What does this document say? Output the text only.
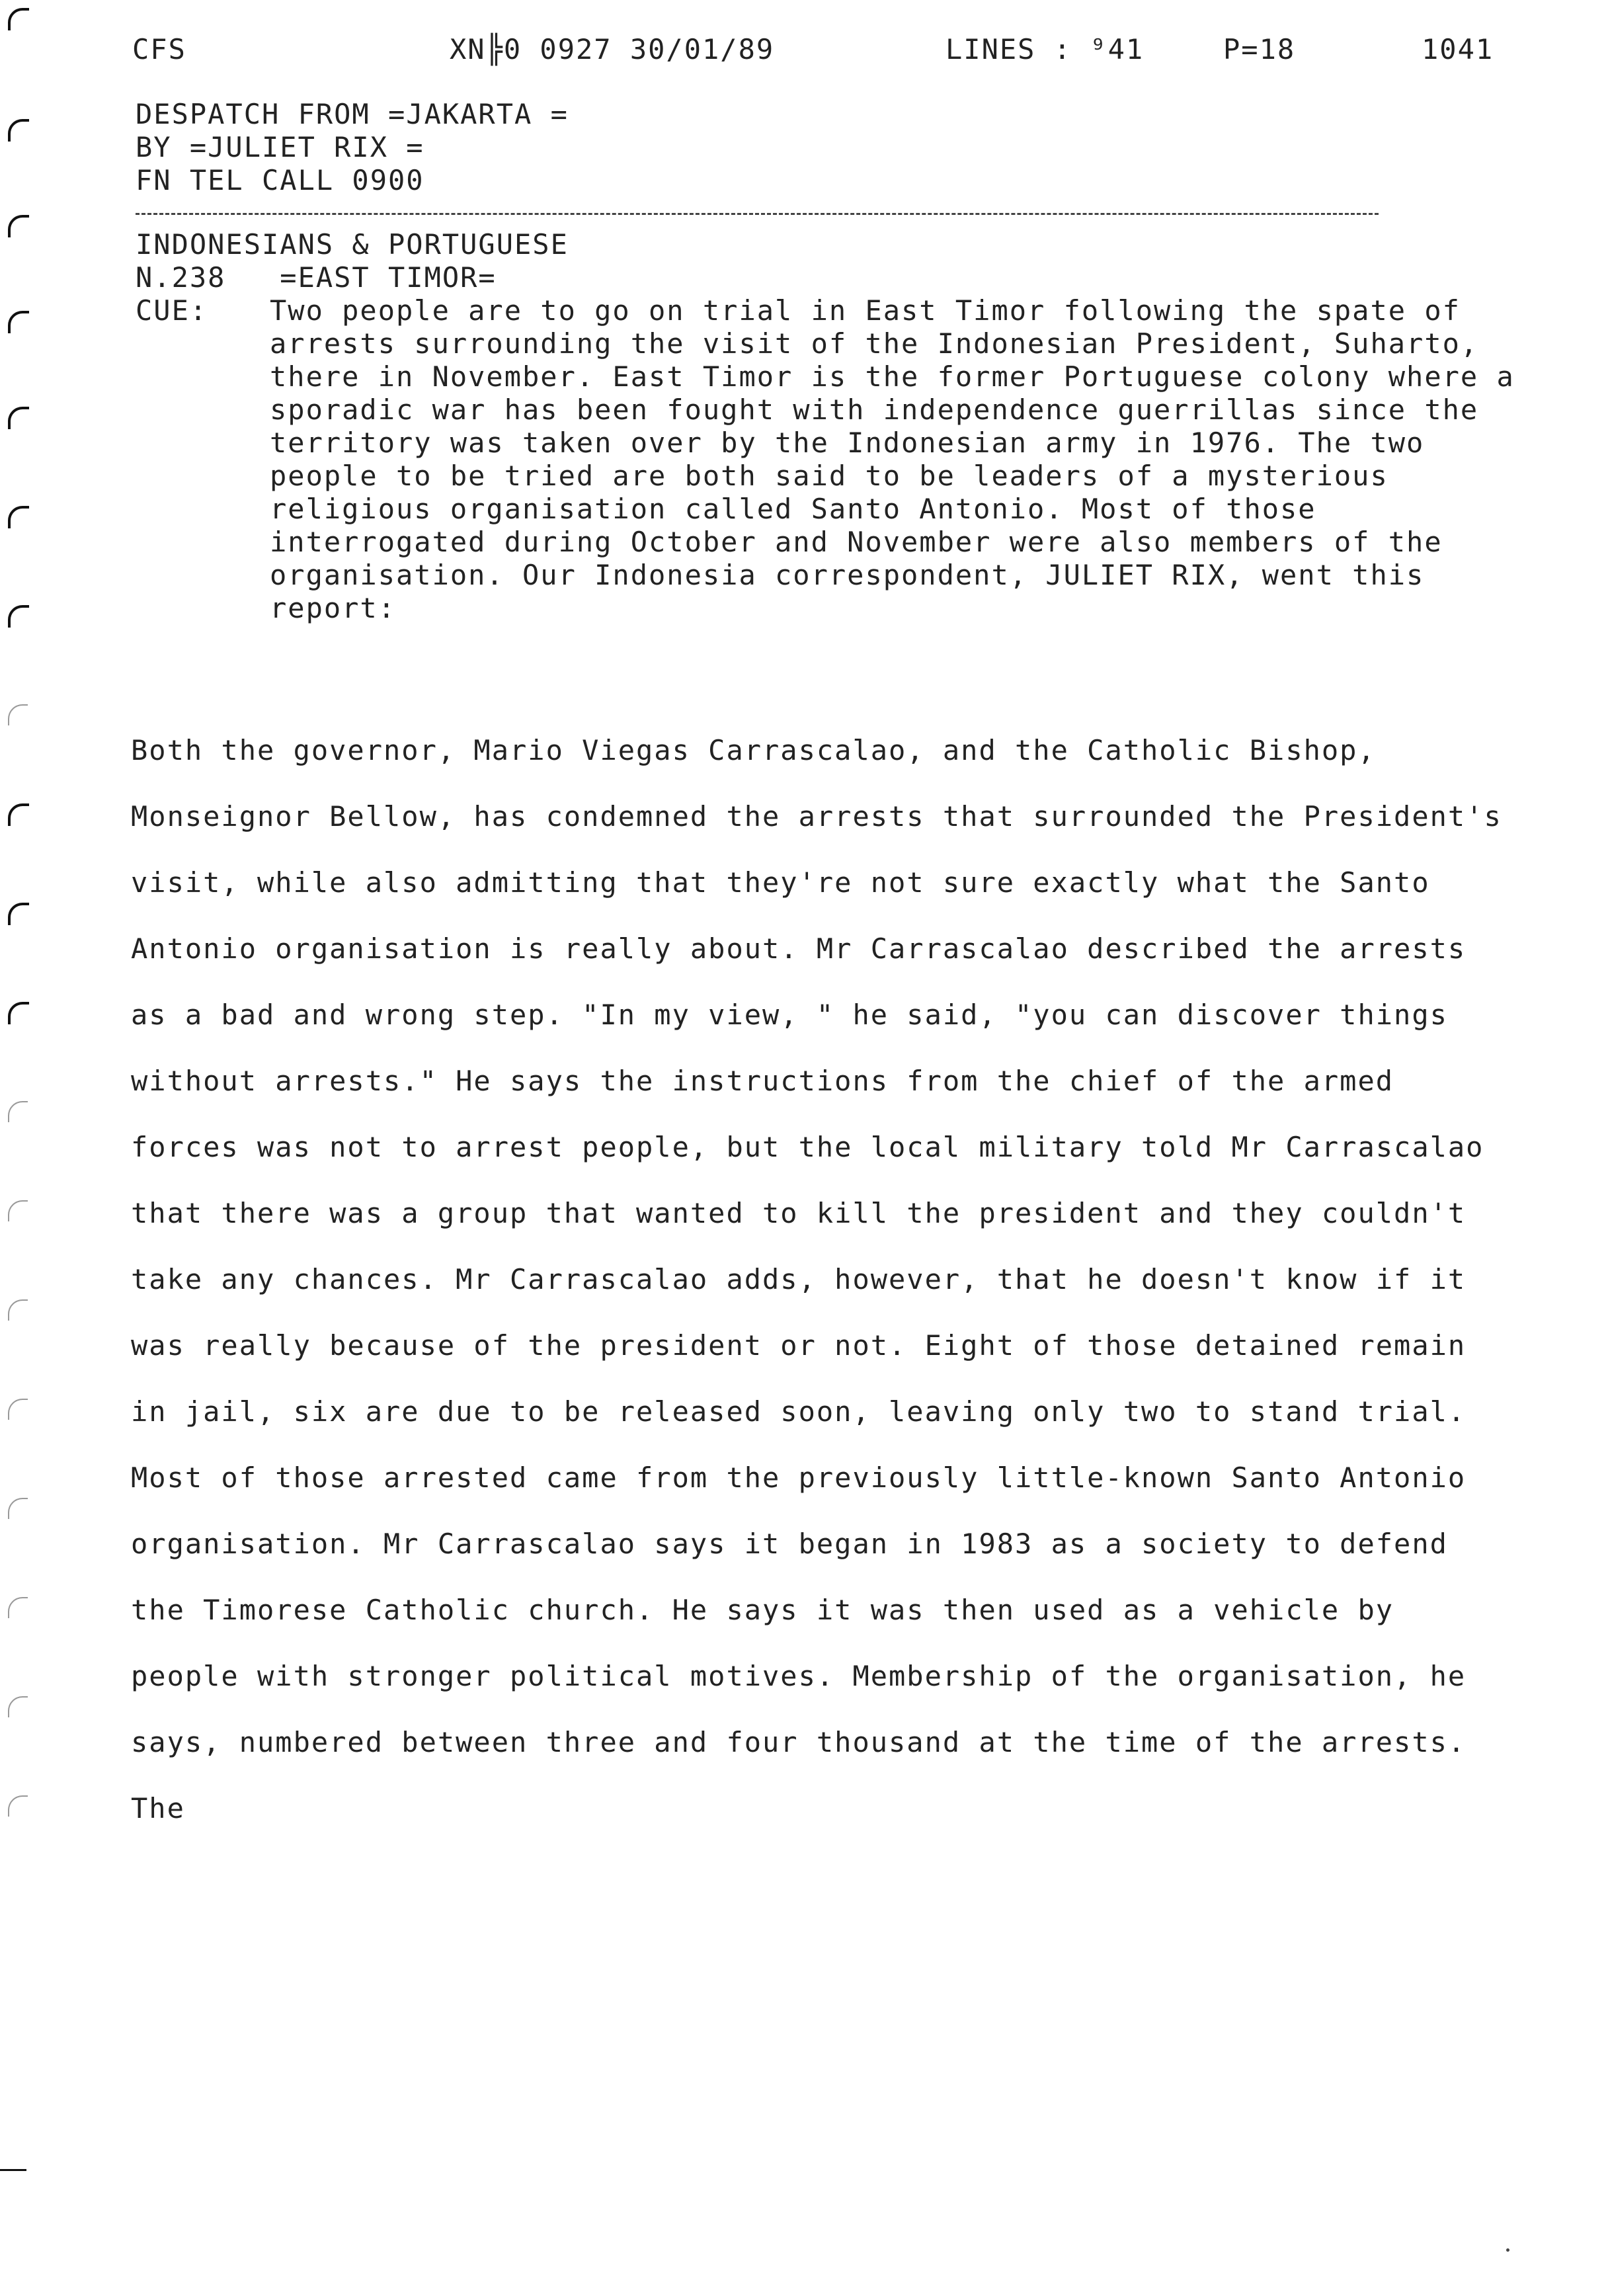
CFS	XN╠0 0927 30/01/89	LINES : ⁹41	P=18	1041
DESPATCH FROM =JAKARTA =
BY =JULIET RIX =
FN TEL CALL 0900
INDONESIANS & PORTUGUESE
N.238   =EAST TIMOR=
CUE: Two people are to go on trial in East Timor following the spate of arrests surrounding the visit of the Indonesian President, Suharto, there in November. East Timor is the former Portuguese colony where a sporadic war has been fought with independence guerrillas since the territory was taken over by the Indonesian army in 1976. The two people to be tried are both said to be leaders of a mysterious religious organisation called Santo Antonio. Most of those interrogated during October and November were also members of the organisation. Our Indonesia correspondent, JULIET RIX, went this report:

Both the governor, Mario Viegas Carrascalao, and the Catholic Bishop, Monseignor Bellow, has condemned the arrests that surrounded the President's visit, while also admitting that they're not sure exactly what the Santo Antonio organisation is really about. Mr Carrascalao described the arrests as a bad and wrong step. "In my view, " he said, "you can discover things without arrests." He says the instructions from the chief of the armed forces was not to arrest people, but the local military told Mr Carrascalao that there was a group that wanted to kill the president and they couldn't take any chances. Mr Carrascalao adds, however, that he doesn't know if it was really because of the president or not. Eight of those detained remain in jail, six are due to be released soon, leaving only two to stand trial. Most of those arrested came from the previously little-known Santo Antonio organisation. Mr Carrascalao says it began in 1983 as a society to defend the Timorese Catholic church. He says it was then used as a vehicle by people with stronger political motives. Membership of the organisation, he says, numbered between three and four thousand at the time of the arrests. The
